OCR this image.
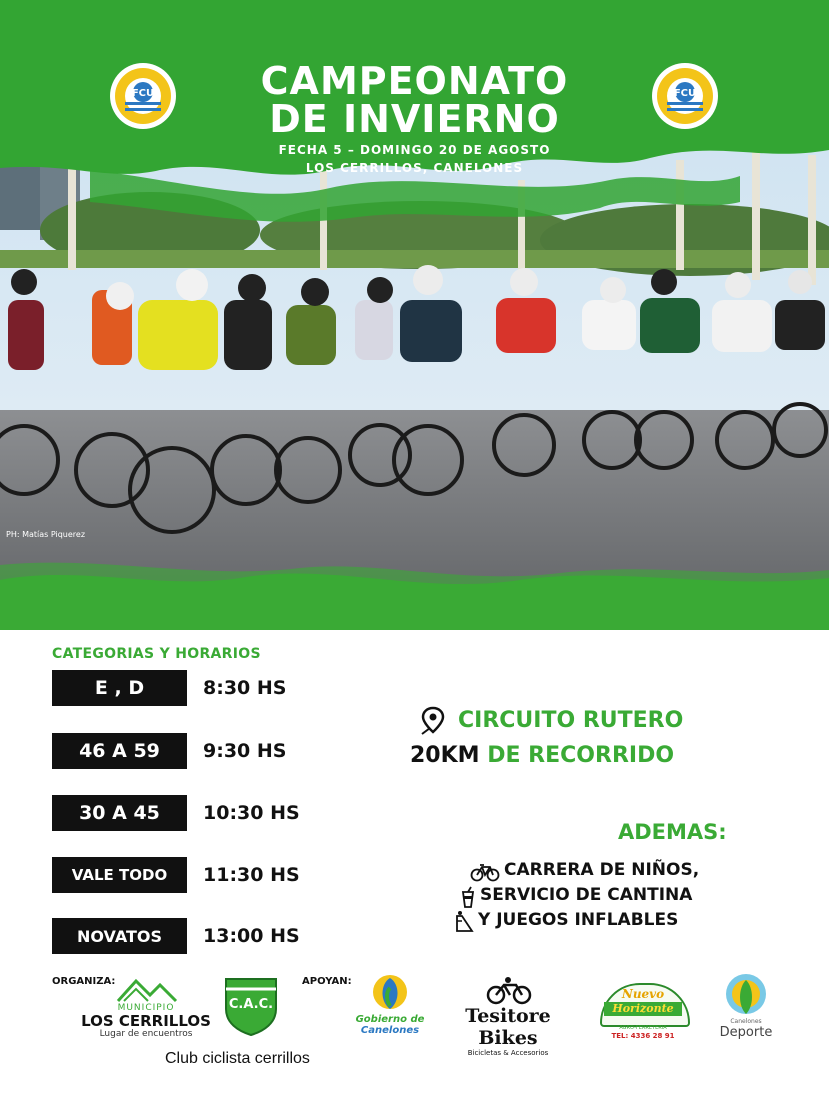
FCU	FCU
CAMPEONATO
DE INVIERNO
FECHA 5 – DOMINGO 20 DE AGOSTO
LOS CERRILLOS, CANELONES
PH: Matías Piquerez
CATEGORIAS Y HORARIOS
E , D	8:30 HS
46 A 59	9:30 HS
30 A 45	10:30 HS
VALE TODO	11:30 HS
NOVATOS	13:00 HS
CIRCUITO RUTERO
20KM DE RECORRIDO
ADEMAS:
CARRERA DE NIÑOS,
SERVICIO DE CANTINA
Y JUEGOS INFLABLES
ORGANIZA:
MUNICIPIO
LOS CERRILLOS
Lugar de encuentros
C.A.C.
Club ciclista cerrillos
APOYAN:
Gobierno de
Canelones
Tesitore Bikes
Bicicletas & Accesorios
Nuevo
Horizonte
AGRO-FERRETERIA
TEL: 4336 28 91
Canelones
Deporte
